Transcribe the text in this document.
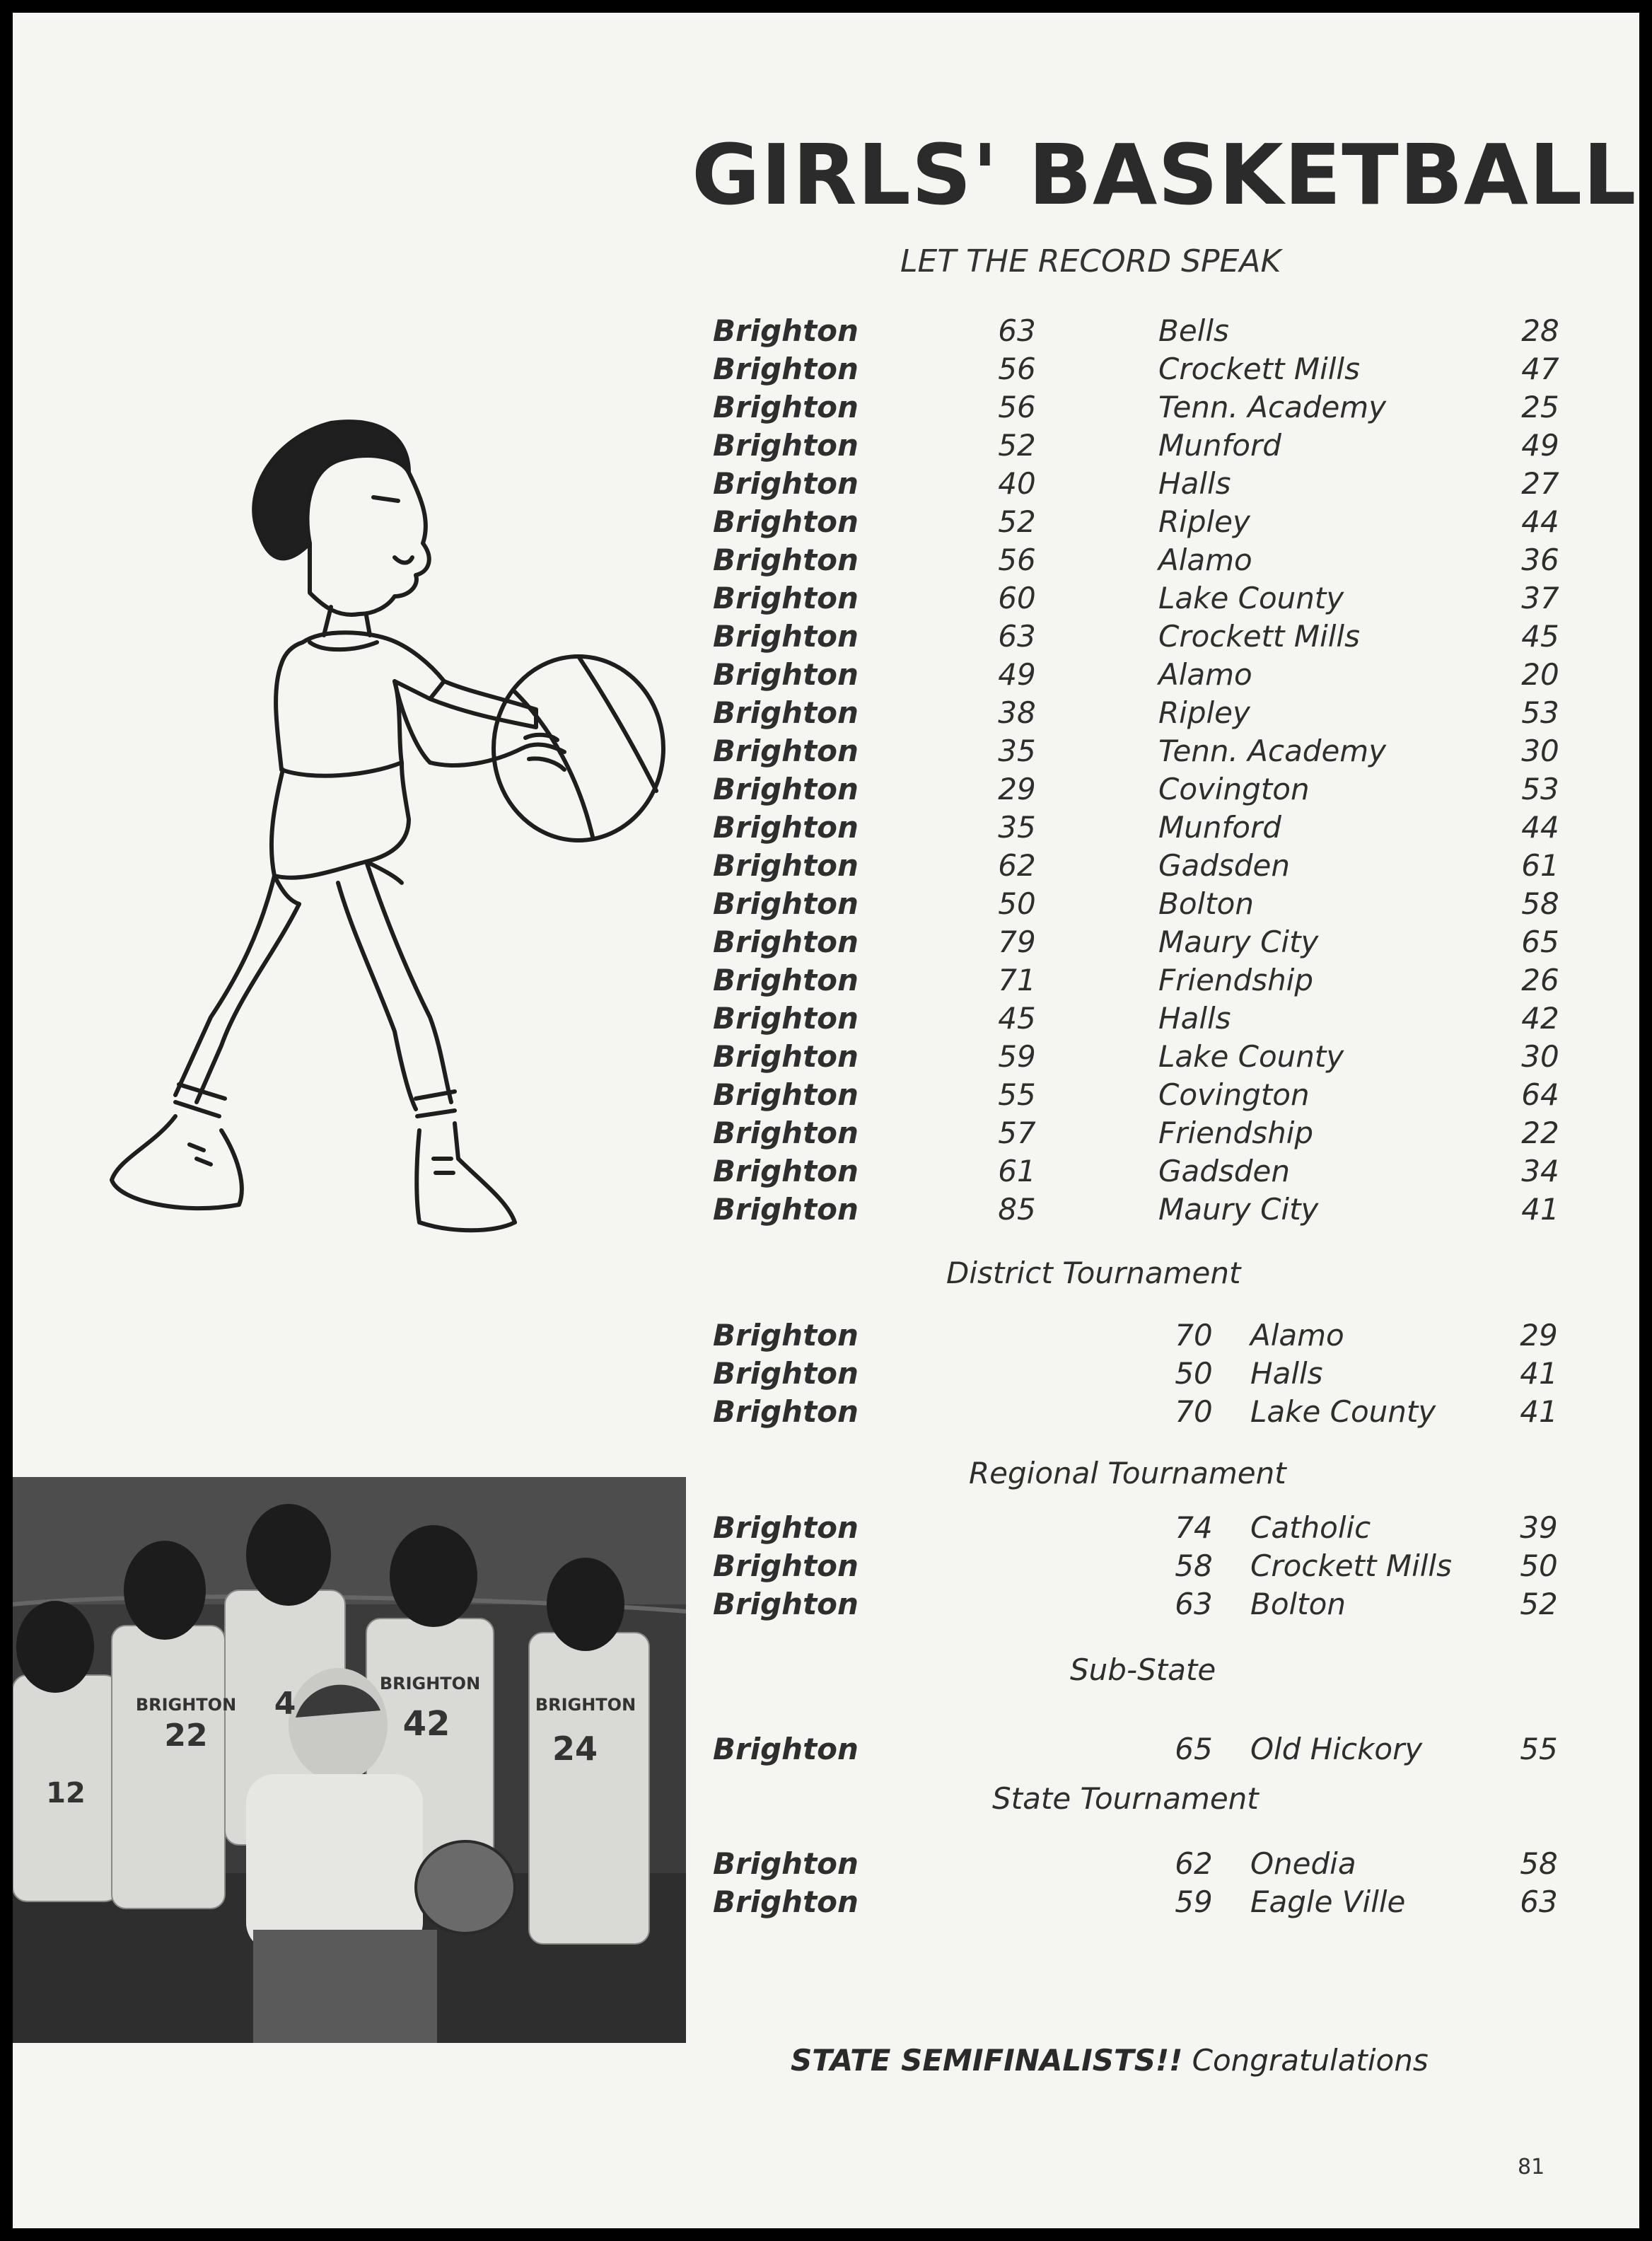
GIRLS' BASKETBALL
LET THE RECORD SPEAK
Brighton	63	Bells	28
Brighton	56	Crockett Mills	47
Brighton	56	Tenn. Academy	25
Brighton	52	Munford	49
Brighton	40	Halls	27
Brighton	52	Ripley	44
Brighton	56	Alamo	36
Brighton	60	Lake County	37
Brighton	63	Crockett Mills	45
Brighton	49	Alamo	20
Brighton	38	Ripley	53
Brighton	35	Tenn. Academy	30
Brighton	29	Covington	53
Brighton	35	Munford	44
Brighton	62	Gadsden	61
Brighton	50	Bolton	58
Brighton	79	Maury City	65
Brighton	71	Friendship	26
Brighton	45	Halls	42
Brighton	59	Lake County	30
Brighton	55	Covington	64
Brighton	57	Friendship	22
Brighton	61	Gadsden	34
Brighton	85	Maury City	41
District Tournament
Brighton	70 Alamo	29
Brighton	50 Halls	41
Brighton	70 Lake County	41
Regional Tournament
Brighton	74 Catholic	39
Brighton	58 Crockett Mills	50
Brighton	63 Bolton	52
Sub-State
Brighton	65 Old Hickory	55
State Tournament
Brighton	62 Onedia	58
Brighton	59 Eagle Ville	63
STATE SEMIFINALISTS!! Congratulations
81
12
22
4
42
24
BRIGHTON
BRIGHTON
BRIGHTON
